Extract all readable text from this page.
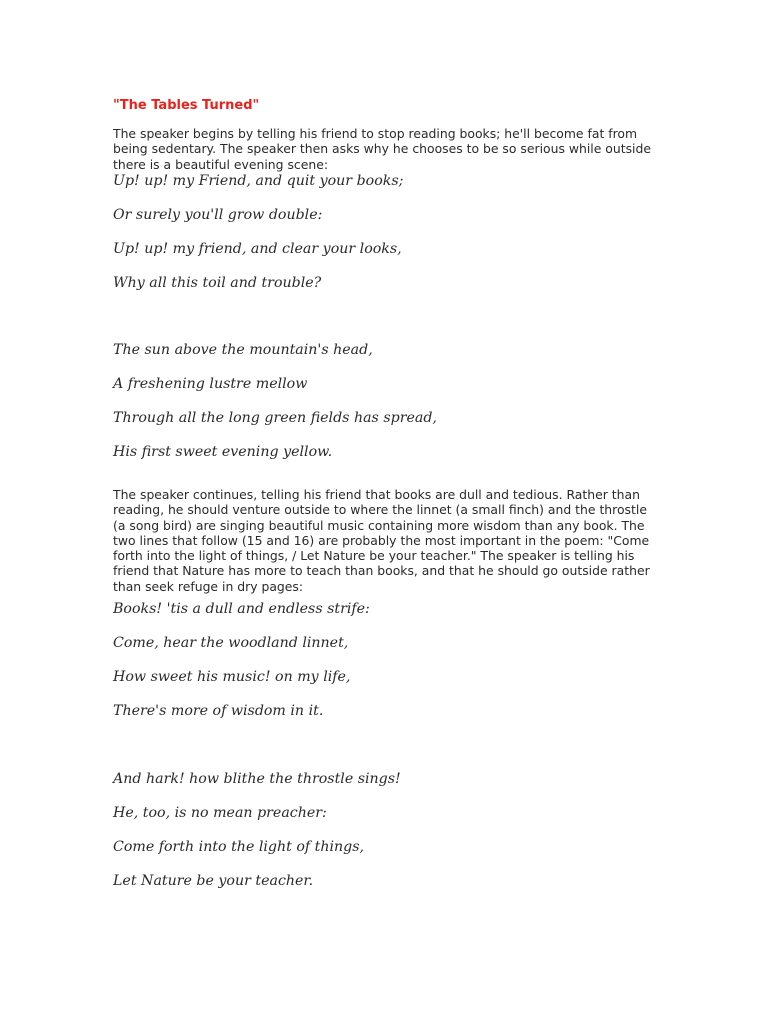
"The Tables Turned"

The speaker begins by telling his friend to stop reading books; he'll become fat from being sedentary. The speaker then asks why he chooses to be so serious while outside there is a beautiful evening scene:

Up! up! my Friend, and quit your books;

Or surely you'll grow double:

Up! up! my friend, and clear your looks,

Why all this toil and trouble?

The sun above the mountain's head,

A freshening lustre mellow

Through all the long green fields has spread,

His first sweet evening yellow.

The speaker continues, telling his friend that books are dull and tedious. Rather than reading, he should venture outside to where the linnet (a small finch) and the throstle (a song bird) are singing beautiful music containing more wisdom than any book. The two lines that follow (15 and 16) are probably the most important in the poem: "Come forth into the light of things, / Let Nature be your teacher." The speaker is telling his friend that Nature has more to teach than books, and that he should go outside rather than seek refuge in dry pages:

Books! 'tis a dull and endless strife:

Come, hear the woodland linnet,

How sweet his music! on my life,

There's more of wisdom in it.

And hark! how blithe the throstle sings!

He, too, is no mean preacher:

Come forth into the light of things,

Let Nature be your teacher.
